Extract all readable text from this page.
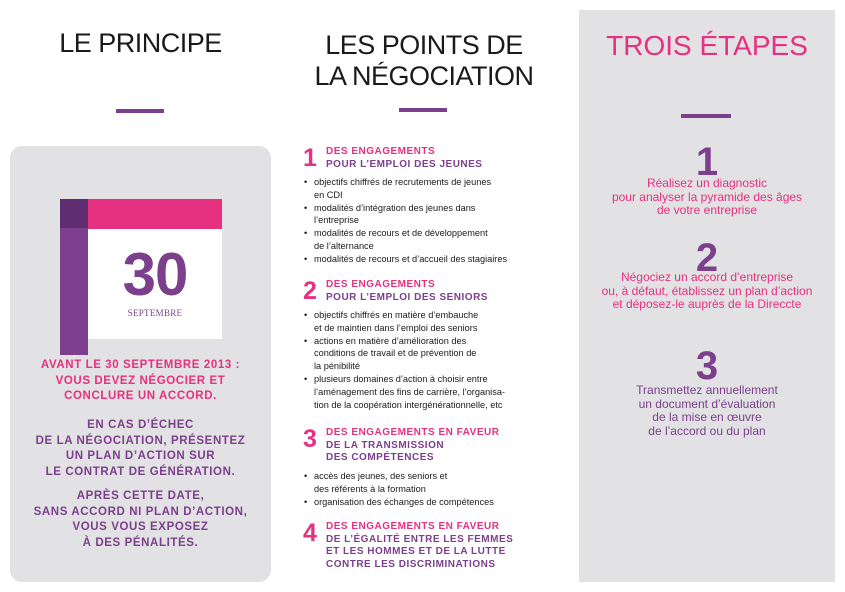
LE PRINCIPE
30
SEPTEMBRE

AVANT LE 30 SEPTEMBRE 2013 :
VOUS DEVEZ NÉGOCIER ET
CONCLURE UN ACCORD.

EN CAS D’ÉCHEC
DE LA NÉGOCIATION, PRÉSENTEZ
UN PLAN D’ACTION SUR
LE CONTRAT DE GÉNÉRATION.

APRÈS CETTE DATE,
SANS ACCORD NI PLAN D’ACTION,
VOUS VOUS EXPOSEZ
À DES PÉNALITÉS.

LES POINTS DE
LA NÉGOCIATION
1 DES ENGAGEMENTS
POUR L’EMPLOI DES JEUNES

• objectifs chiffrés de recrutements de jeunes
en CDI
• modalités d’intégration des jeunes dans
l’entreprise
• modalités de recours et de développement
de l’alternance
• modalités de recours et d’accueil des stagiaires
2 DES ENGAGEMENTS
POUR L’EMPLOI DES SENIORS

• objectifs chiffrés en matière d’embauche
et de maintien dans l’emploi des seniors
• actions en matière d’amélioration des
conditions de travail et de prévention de
la pénibilité
• plusieurs domaines d’action à choisir entre
l’aménagement des fins de carrière, l’organisa-
tion de la coopération intergénérationnelle, etc
3 DES ENGAGEMENTS EN FAVEUR
DE LA TRANSMISSION
DES COMPÉTENCES

• accès des jeunes, des seniors et
des référents à la formation
• organisation des échanges de compétences
4 DES ENGAGEMENTS EN FAVEUR
DE L’ÉGALITÉ ENTRE LES FEMMES
ET LES HOMMES ET DE LA LUTTE
CONTRE LES DISCRIMINATIONS

TROIS ÉTAPES
1

Réalisez un diagnostic
pour analyser la pyramide des âges
de votre entreprise

2

Négociez un accord d’entreprise
ou, à défaut, établissez un plan d’action
et déposez-le auprès de la Direccte

3

Transmettez annuellement
un document d’évaluation
de la mise en œuvre
de l’accord ou du plan
